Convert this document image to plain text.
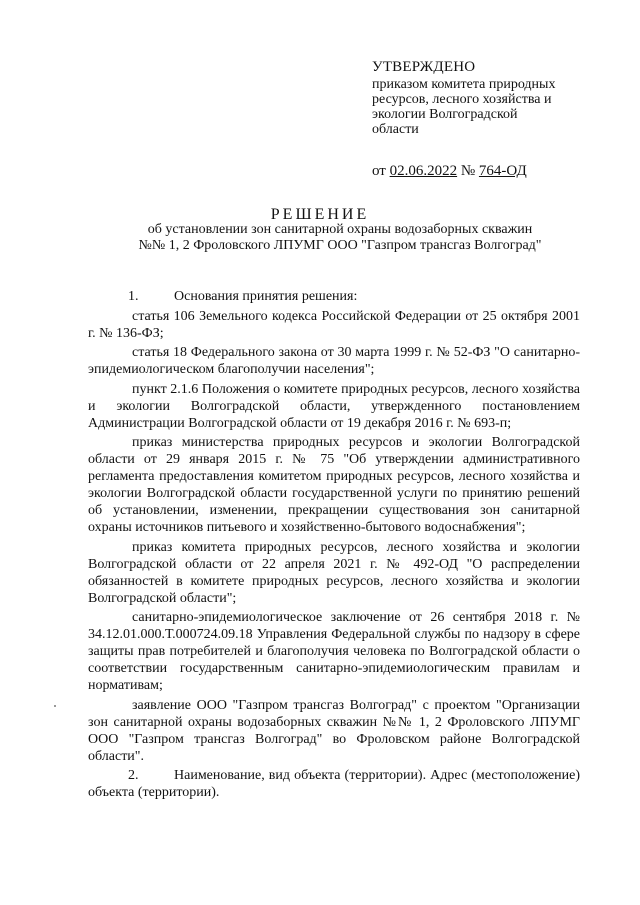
УТВЕРЖДЕНО
приказом комитета природных
ресурсов, лесного хозяйства и
экологии Волгоградской
области
от 02.06.2022 № 764-ОД
РЕШЕНИЕ
об установлении зон санитарной охраны водозаборных скважин
№№ 1, 2 Фроловского ЛПУМГ ООО "Газпром трансгаз Волгоград"
1.	Основания принятия решения:
статья 106 Земельного кодекса Российской Федерации от 25 октября 2001 г. № 136-ФЗ;
статья 18 Федерального закона от 30 марта 1999 г. № 52-ФЗ "О санитарно-эпидемиологическом благополучии населения";
пункт 2.1.6 Положения о комитете природных ресурсов, лесного хозяйства и экологии Волгоградской области, утвержденного постановлением Администрации Волгоградской области от 19 декабря 2016 г. № 693-п;
приказ министерства природных ресурсов и экологии Волгоградской области от 29 января 2015 г. № 75 "Об утверждении административного регламента предоставления комитетом природных ресурсов, лесного хозяйства и экологии Волгоградской области государственной услуги по принятию решений об установлении, изменении, прекращении существования зон санитарной охраны источников питьевого и хозяйственно-бытового водоснабжения";
приказ комитета природных ресурсов, лесного хозяйства и экологии Волгоградской области от 22 апреля 2021 г. № 492-ОД "О распределении обязанностей в комитете природных ресурсов, лесного хозяйства и экологии Волгоградской области";
санитарно-эпидемиологическое заключение от 26 сентября 2018 г. № 34.12.01.000.Т.000724.09.18 Управления Федеральной службы по надзору в сфере защиты прав потребителей и благополучия человека по Волгоградской области о соответствии государственным санитарно-эпидемиологическим правилам и нормативам;
заявление ООО "Газпром трансгаз Волгоград" с проектом "Организации зон санитарной охраны водозаборных скважин №№ 1, 2 Фроловского ЛПУМГ ООО "Газпром трансгаз Волгоград" во Фроловском районе Волгоградской области".
2.	Наименование, вид объекта (территории). Адрес (местоположение) объекта (территории).
